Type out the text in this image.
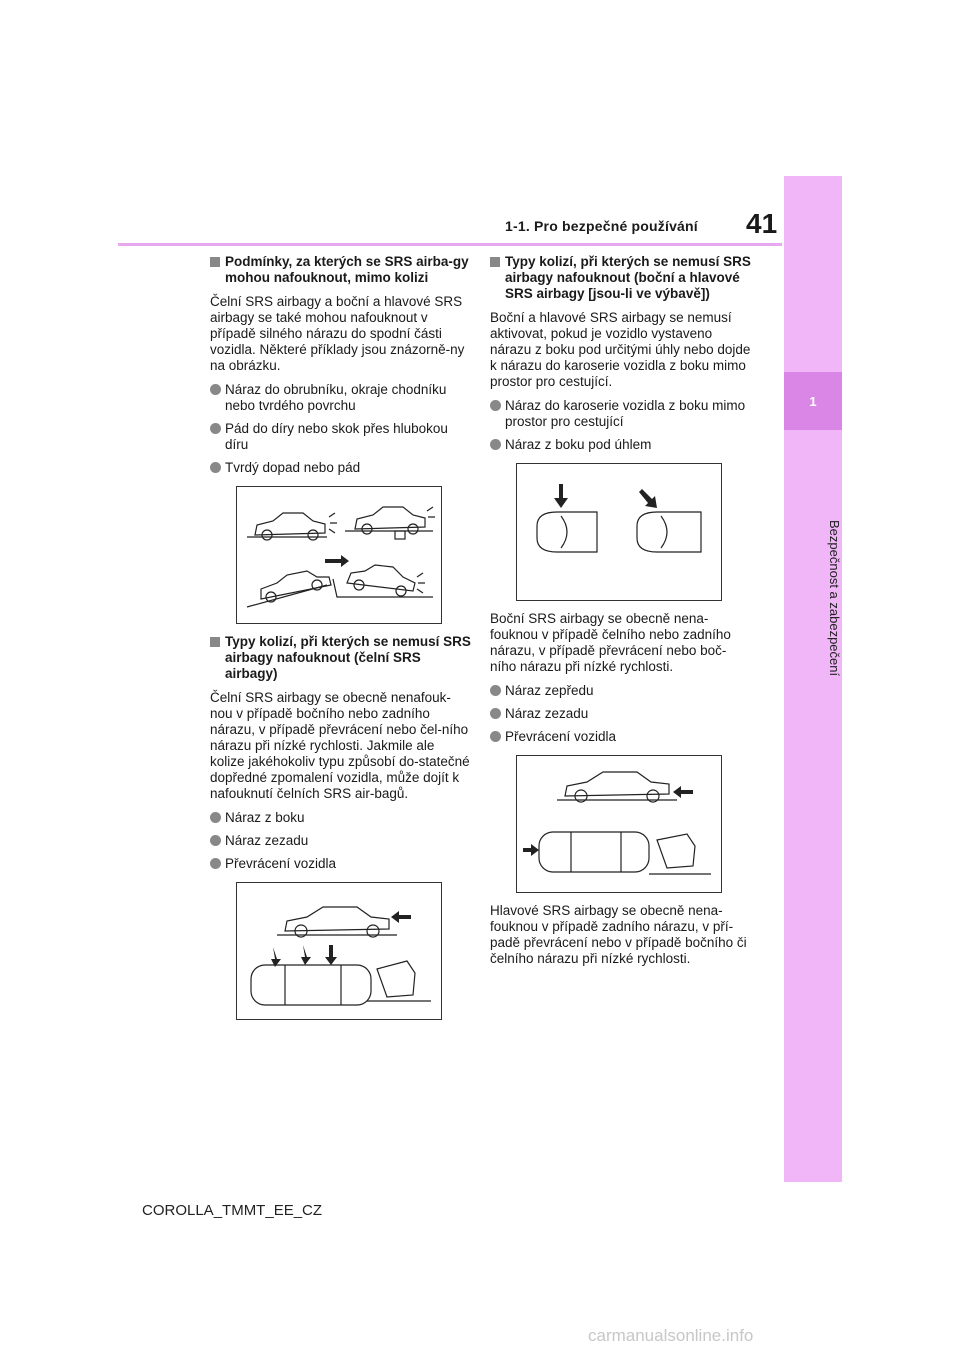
1
Bezpečnost a zabezpečení
1-1. Pro bezpečné používání 41
Podmínky, za kterých se SRS airba-gy mohou nafouknout, mimo kolizi
Čelní SRS airbagy a boční a hlavové SRS airbagy se také mohou nafouknout v případě silného nárazu do spodní části vozidla. Některé příklady jsou znázorně-ny na obrázku.
Náraz do obrubníku, okraje chodníku nebo tvrdého povrchu
Pád do díry nebo skok přes hlubokou díru
Tvrdý dopad nebo pád
Typy kolizí, při kterých se nemusí SRS airbagy nafouknout (čelní SRS airbagy)
Čelní SRS airbagy se obecně nenafouk-nou v případě bočního nebo zadního nárazu, v případě převrácení nebo čel-ního nárazu při nízké rychlosti. Jakmile ale kolize jakéhokoliv typu způsobí do-statečné dopředné zpomalení vozidla, může dojít k nafouknutí čelních SRS air-bagů.
Náraz z boku
Náraz zezadu
Převrácení vozidla
Typy kolizí, při kterých se nemusí SRS airbagy nafouknout (boční a hlavové SRS airbagy [jsou-li ve výbavě])
Boční a hlavové SRS airbagy se nemusí aktivovat, pokud je vozidlo vystaveno nárazu z boku pod určitými úhly nebo dojde k nárazu do karoserie vozidla z boku mimo prostor pro cestující.
Náraz do karoserie vozidla z boku mimo prostor pro cestující
Náraz z boku pod úhlem
Boční SRS airbagy se obecně nena-fouknou v případě čelního nebo zadního nárazu, v případě převrácení nebo boč-ního nárazu při nízké rychlosti.
Náraz zepředu
Náraz zezadu
Převrácení vozidla
Hlavové SRS airbagy se obecně nena-fouknou v případě zadního nárazu, v pří-padě převrácení nebo v případě bočního či čelního nárazu při nízké rychlosti.
COROLLA_TMMT_EE_CZ
carmanualsonline.info
